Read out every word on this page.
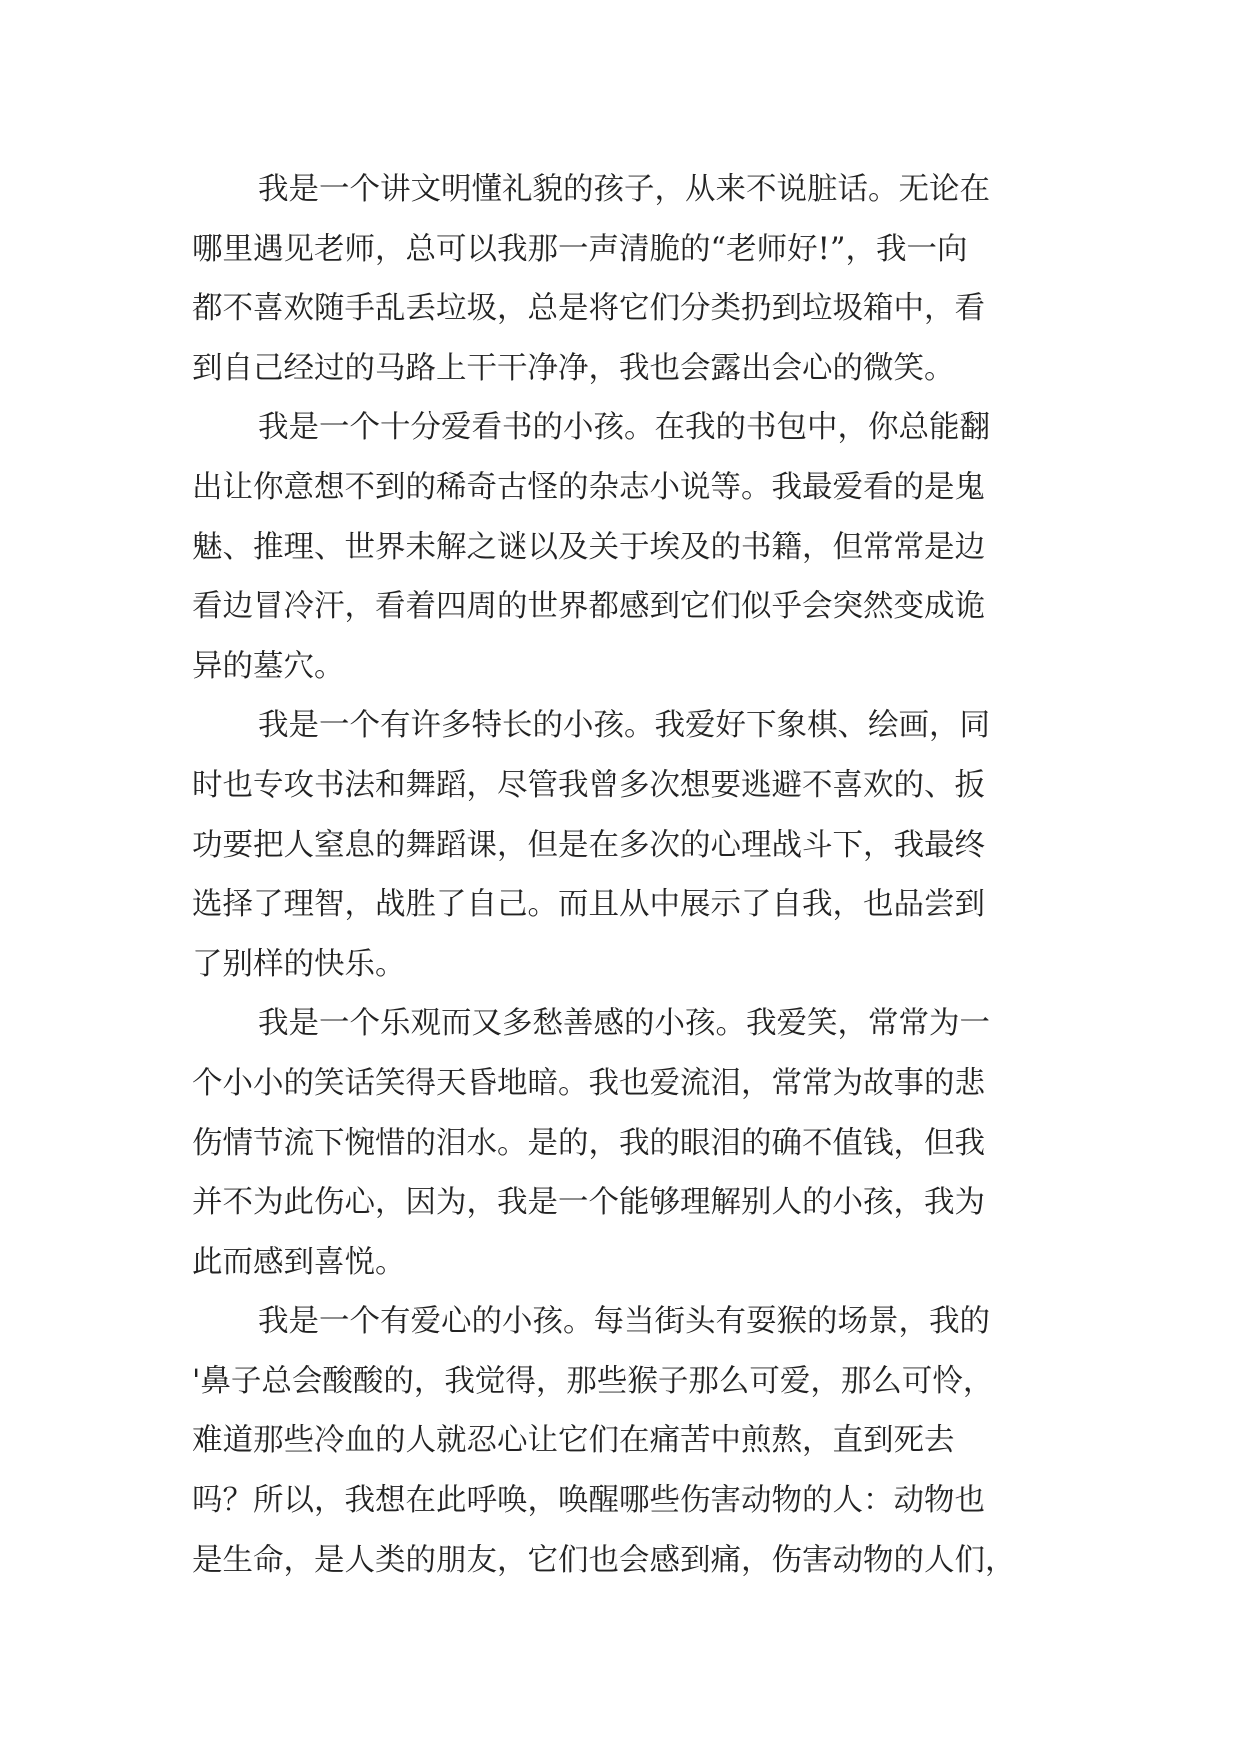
我是一个讲文明懂礼貌的孩子，从来不说脏话。无论在
哪里遇见老师，总可以我那一声清脆的“老师好!”，我一向
都不喜欢随手乱丢垃圾，总是将它们分类扔到垃圾箱中，看
到自己经过的马路上干干净净，我也会露出会心的微笑。
我是一个十分爱看书的小孩。在我的书包中，你总能翻
出让你意想不到的稀奇古怪的杂志小说等。我最爱看的是鬼
魅、推理、世界未解之谜以及关于埃及的书籍，但常常是边
看边冒冷汗，看着四周的世界都感到它们似乎会突然变成诡
异的墓穴。
我是一个有许多特长的小孩。我爱好下象棋、绘画，同
时也专攻书法和舞蹈，尽管我曾多次想要逃避不喜欢的、扳
功要把人窒息的舞蹈课，但是在多次的心理战斗下，我最终
选择了理智，战胜了自己。而且从中展示了自我，也品尝到
了别样的快乐。
我是一个乐观而又多愁善感的小孩。我爱笑，常常为一
个小小的笑话笑得天昏地暗。我也爱流泪，常常为故事的悲
伤情节流下惋惜的泪水。是的，我的眼泪的确不值钱，但我
并不为此伤心，因为，我是一个能够理解别人的小孩，我为
此而感到喜悦。
我是一个有爱心的小孩。每当街头有耍猴的场景，我的
'鼻子总会酸酸的，我觉得，那些猴子那么可爱，那么可怜，
难道那些冷血的人就忍心让它们在痛苦中煎熬，直到死去
吗？所以，我想在此呼唤，唤醒哪些伤害动物的人：动物也
是生命，是人类的朋友，它们也会感到痛，伤害动物的人们，
